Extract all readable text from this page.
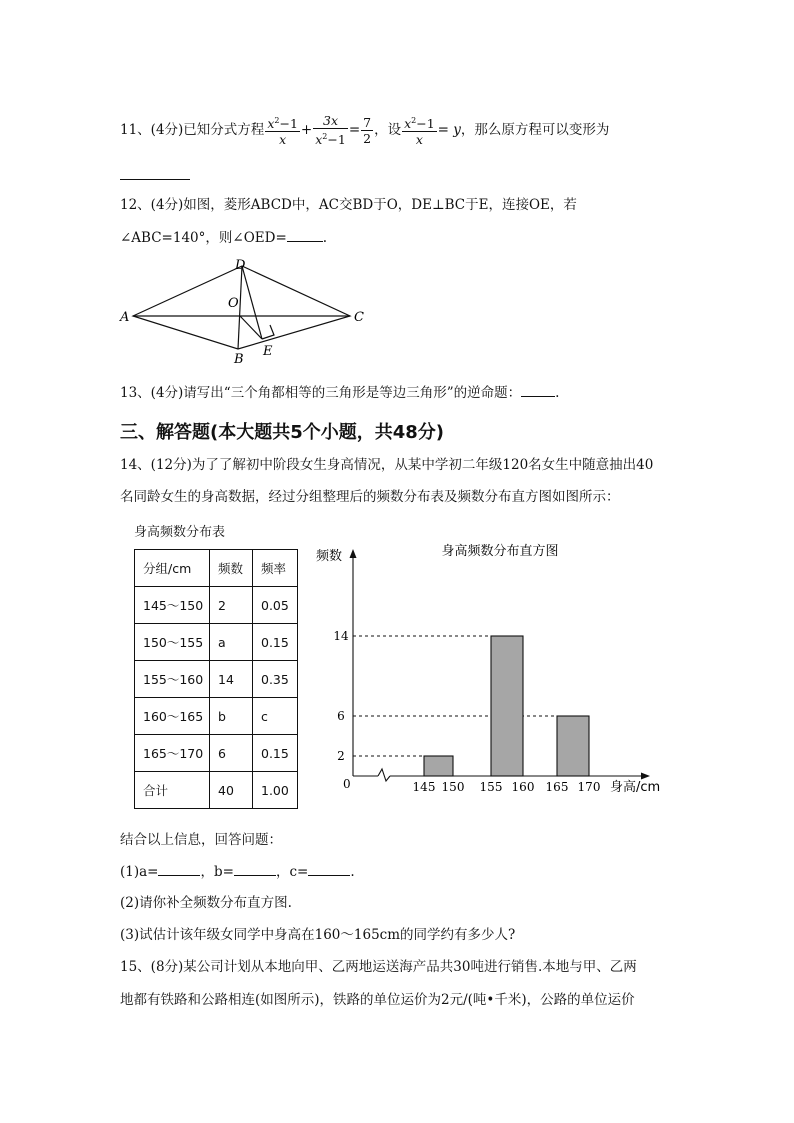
11、(4分)已知分式方程 $\frac{x^2-1}{x} + \frac{3x}{x^2-1} = \frac{7}{2}$ ，设 $\frac{x^2-1}{x} = y$ ，那么原方程可以变形为
12、(4分)如图，菱形ABCD中，AC交BD于O，DE⊥BC于E，连接OE，若
∠ABC=140°，则∠OED=	.
A
D
C
B
O
E
13、(4分)请写出“三个角都相等的三角形是等边三角形”的逆命题：	.
三、解答题(本大题共5个小题，共48分)
14、(12分)为了了解初中阶段女生身高情况，从某中学初二年级120名女生中随意抽出40
名同龄女生的身高数据，经过分组整理后的频数分布表及频数分布直方图如图所示：
身高频数分布表
分组/cm	频数	频率
145～150	2	0.05
150～155	a	0.15
155～160	14	0.35
160～165	b	c
165～170	6	0.15
合计	40	1.00
身高频数分布直方图
频数
0	身高/cm
2
6
14
145 150 155 160 165 170
结合以上信息，回答问题：
(1)a=	，b=	，c=	.
(2)请你补全频数分布直方图.
(3)试估计该年级女同学中身高在160～165cm的同学约有多少人?
15、(8分)某公司计划从本地向甲、乙两地运送海产品共30吨进行销售.本地与甲、乙两
地都有铁路和公路相连(如图所示)，铁路的单位运价为2元/(吨•千米)，公路的单位运价
